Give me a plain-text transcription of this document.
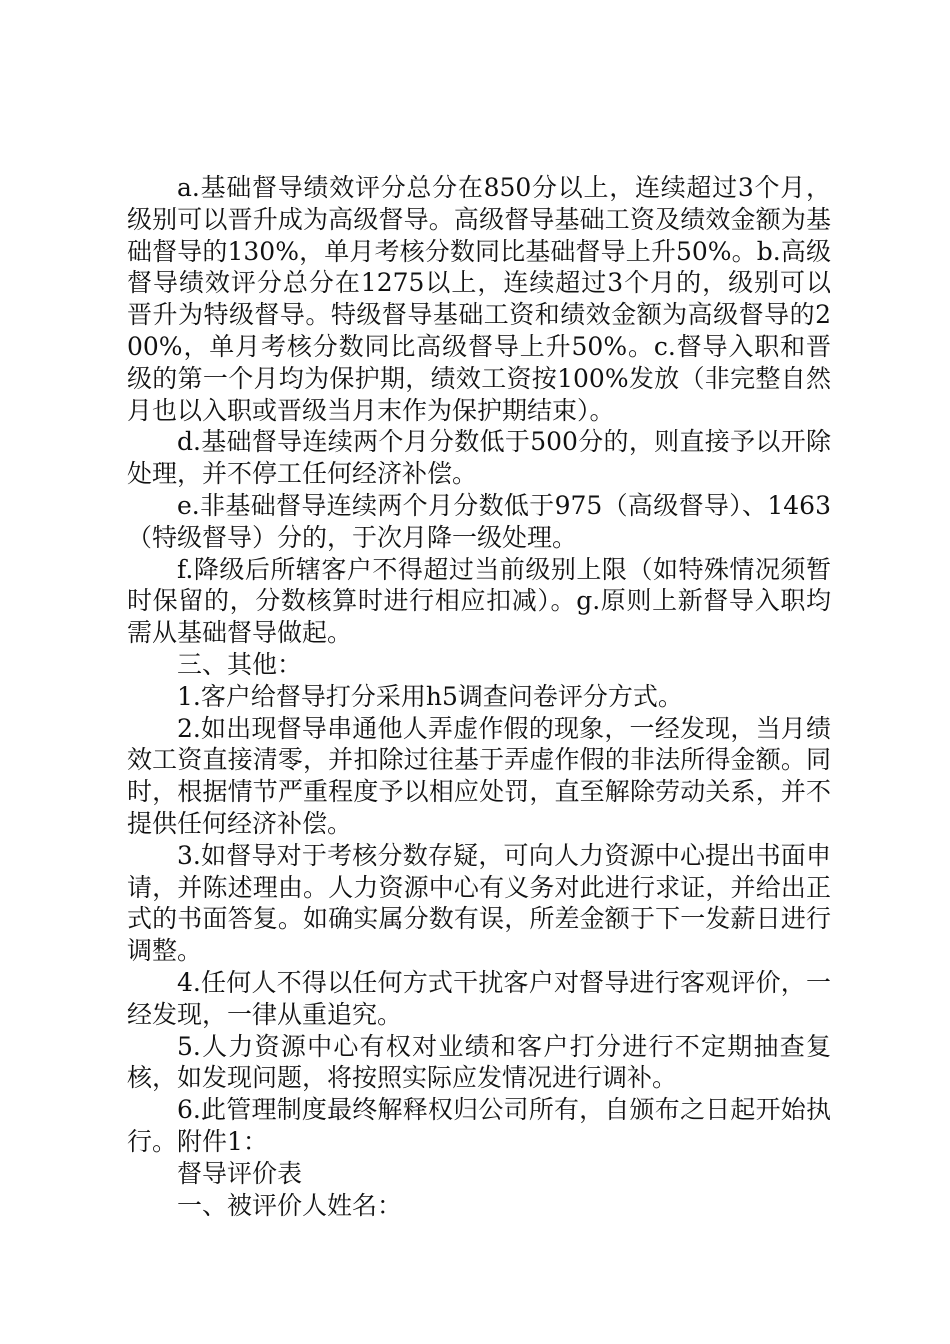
a.基础督导绩效评分总分在850分以上，连续超过3个月，级别可以晋升成为高级督导。高级督导基础工资及绩效金额为基础督导的130%，单月考核分数同比基础督导上升50%。b.高级督导绩效评分总分在1275以上，连续超过3个月的，级别可以晋升为特级督导。特级督导基础工资和绩效金额为高级督导的200%，单月考核分数同比高级督导上升50%。c.督导入职和晋级的第一个月均为保护期，绩效工资按100%发放（非完整自然月也以入职或晋级当月末作为保护期结束）。

d.基础督导连续两个月分数低于500分的，则直接予以开除处理，并不停工任何经济补偿。

e.非基础督导连续两个月分数低于975（高级督导）、1463（特级督导）分的，于次月降一级处理。

f.降级后所辖客户不得超过当前级别上限（如特殊情况须暂时保留的，分数核算时进行相应扣减）。g.原则上新督导入职均需从基础督导做起。

三、其他：

1.客户给督导打分采用h5调查问卷评分方式。

2.如出现督导串通他人弄虚作假的现象，一经发现，当月绩效工资直接清零，并扣除过往基于弄虚作假的非法所得金额。同时，根据情节严重程度予以相应处罚，直至解除劳动关系，并不提供任何经济补偿。

3.如督导对于考核分数存疑，可向人力资源中心提出书面申请，并陈述理由。人力资源中心有义务对此进行求证，并给出正式的书面答复。如确实属分数有误，所差金额于下一发薪日进行调整。

4.任何人不得以任何方式干扰客户对督导进行客观评价，一经发现，一律从重追究。

5.人力资源中心有权对业绩和客户打分进行不定期抽查复核，如发现问题，将按照实际应发情况进行调补。

6.此管理制度最终解释权归公司所有，自颁布之日起开始执行。附件1：

督导评价表

一、被评价人姓名：
